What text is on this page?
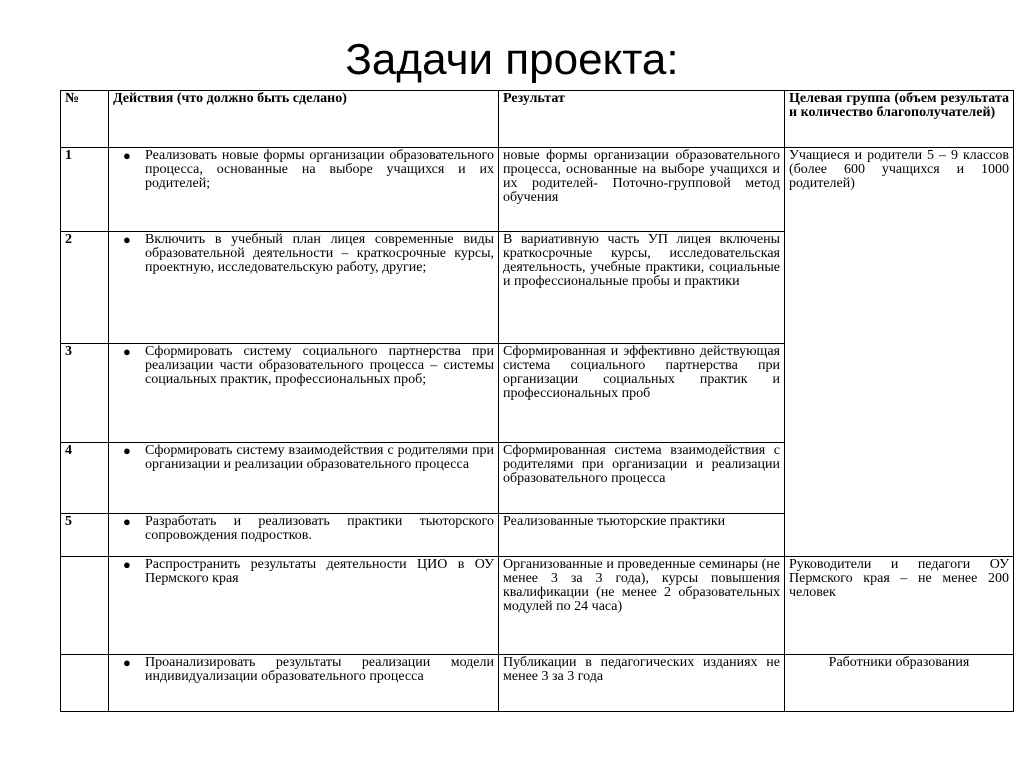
Задачи проекта:
№	Действия (что должно быть сделано)	Результат	Целевая группа (объем результата и количество благополучателей)
1	● Реализовать новые формы организации образовательного процесса, основанные на выборе учащихся и их родителей;	новые формы организации образовательного процесса, основанные на выборе учащихся и их родителей- Поточно-групповой метод обучения	Учащиеся и родители 5 – 9 классов (более 600 учащихся и 1000 родителей)
2	● Включить в учебный план лицея современные виды образовательной деятельности – краткосрочные курсы, проектную, исследовательскую работу, другие;	В вариативную часть УП лицея включены краткосрочные курсы, исследовательская деятельность, учебные практики, социальные и профессиональные пробы и практики	
3	● Сформировать систему социального партнерства при реализации части образовательного процесса – системы социальных практик, профессиональных проб;	Сформированная и эффективно действующая система социального партнерства при организации социальных практик и профессиональных проб	
4	● Сформировать систему взаимодействия с родителями при организации и реализации образовательного процесса	Сформированная система взаимодействия с родителями при организации и реализации образовательного процесса	
5	● Разработать и реализовать практики тьюторского сопровождения подростков.	Реализованные тьюторские практики	

	● Распространить результаты деятельности ЦИО в ОУ Пермского края	Организованные и проведенные семинары (не менее 3 за 3 года), курсы повышения квалификации (не менее 2 образовательных модулей по 24 часа)	Руководители и педагоги ОУ Пермского края – не менее 200 человек

	● Проанализировать результаты реализации модели индивидуализации образовательного процесса	Публикации в педагогических изданиях не менее 3 за 3 года	Работники образования
